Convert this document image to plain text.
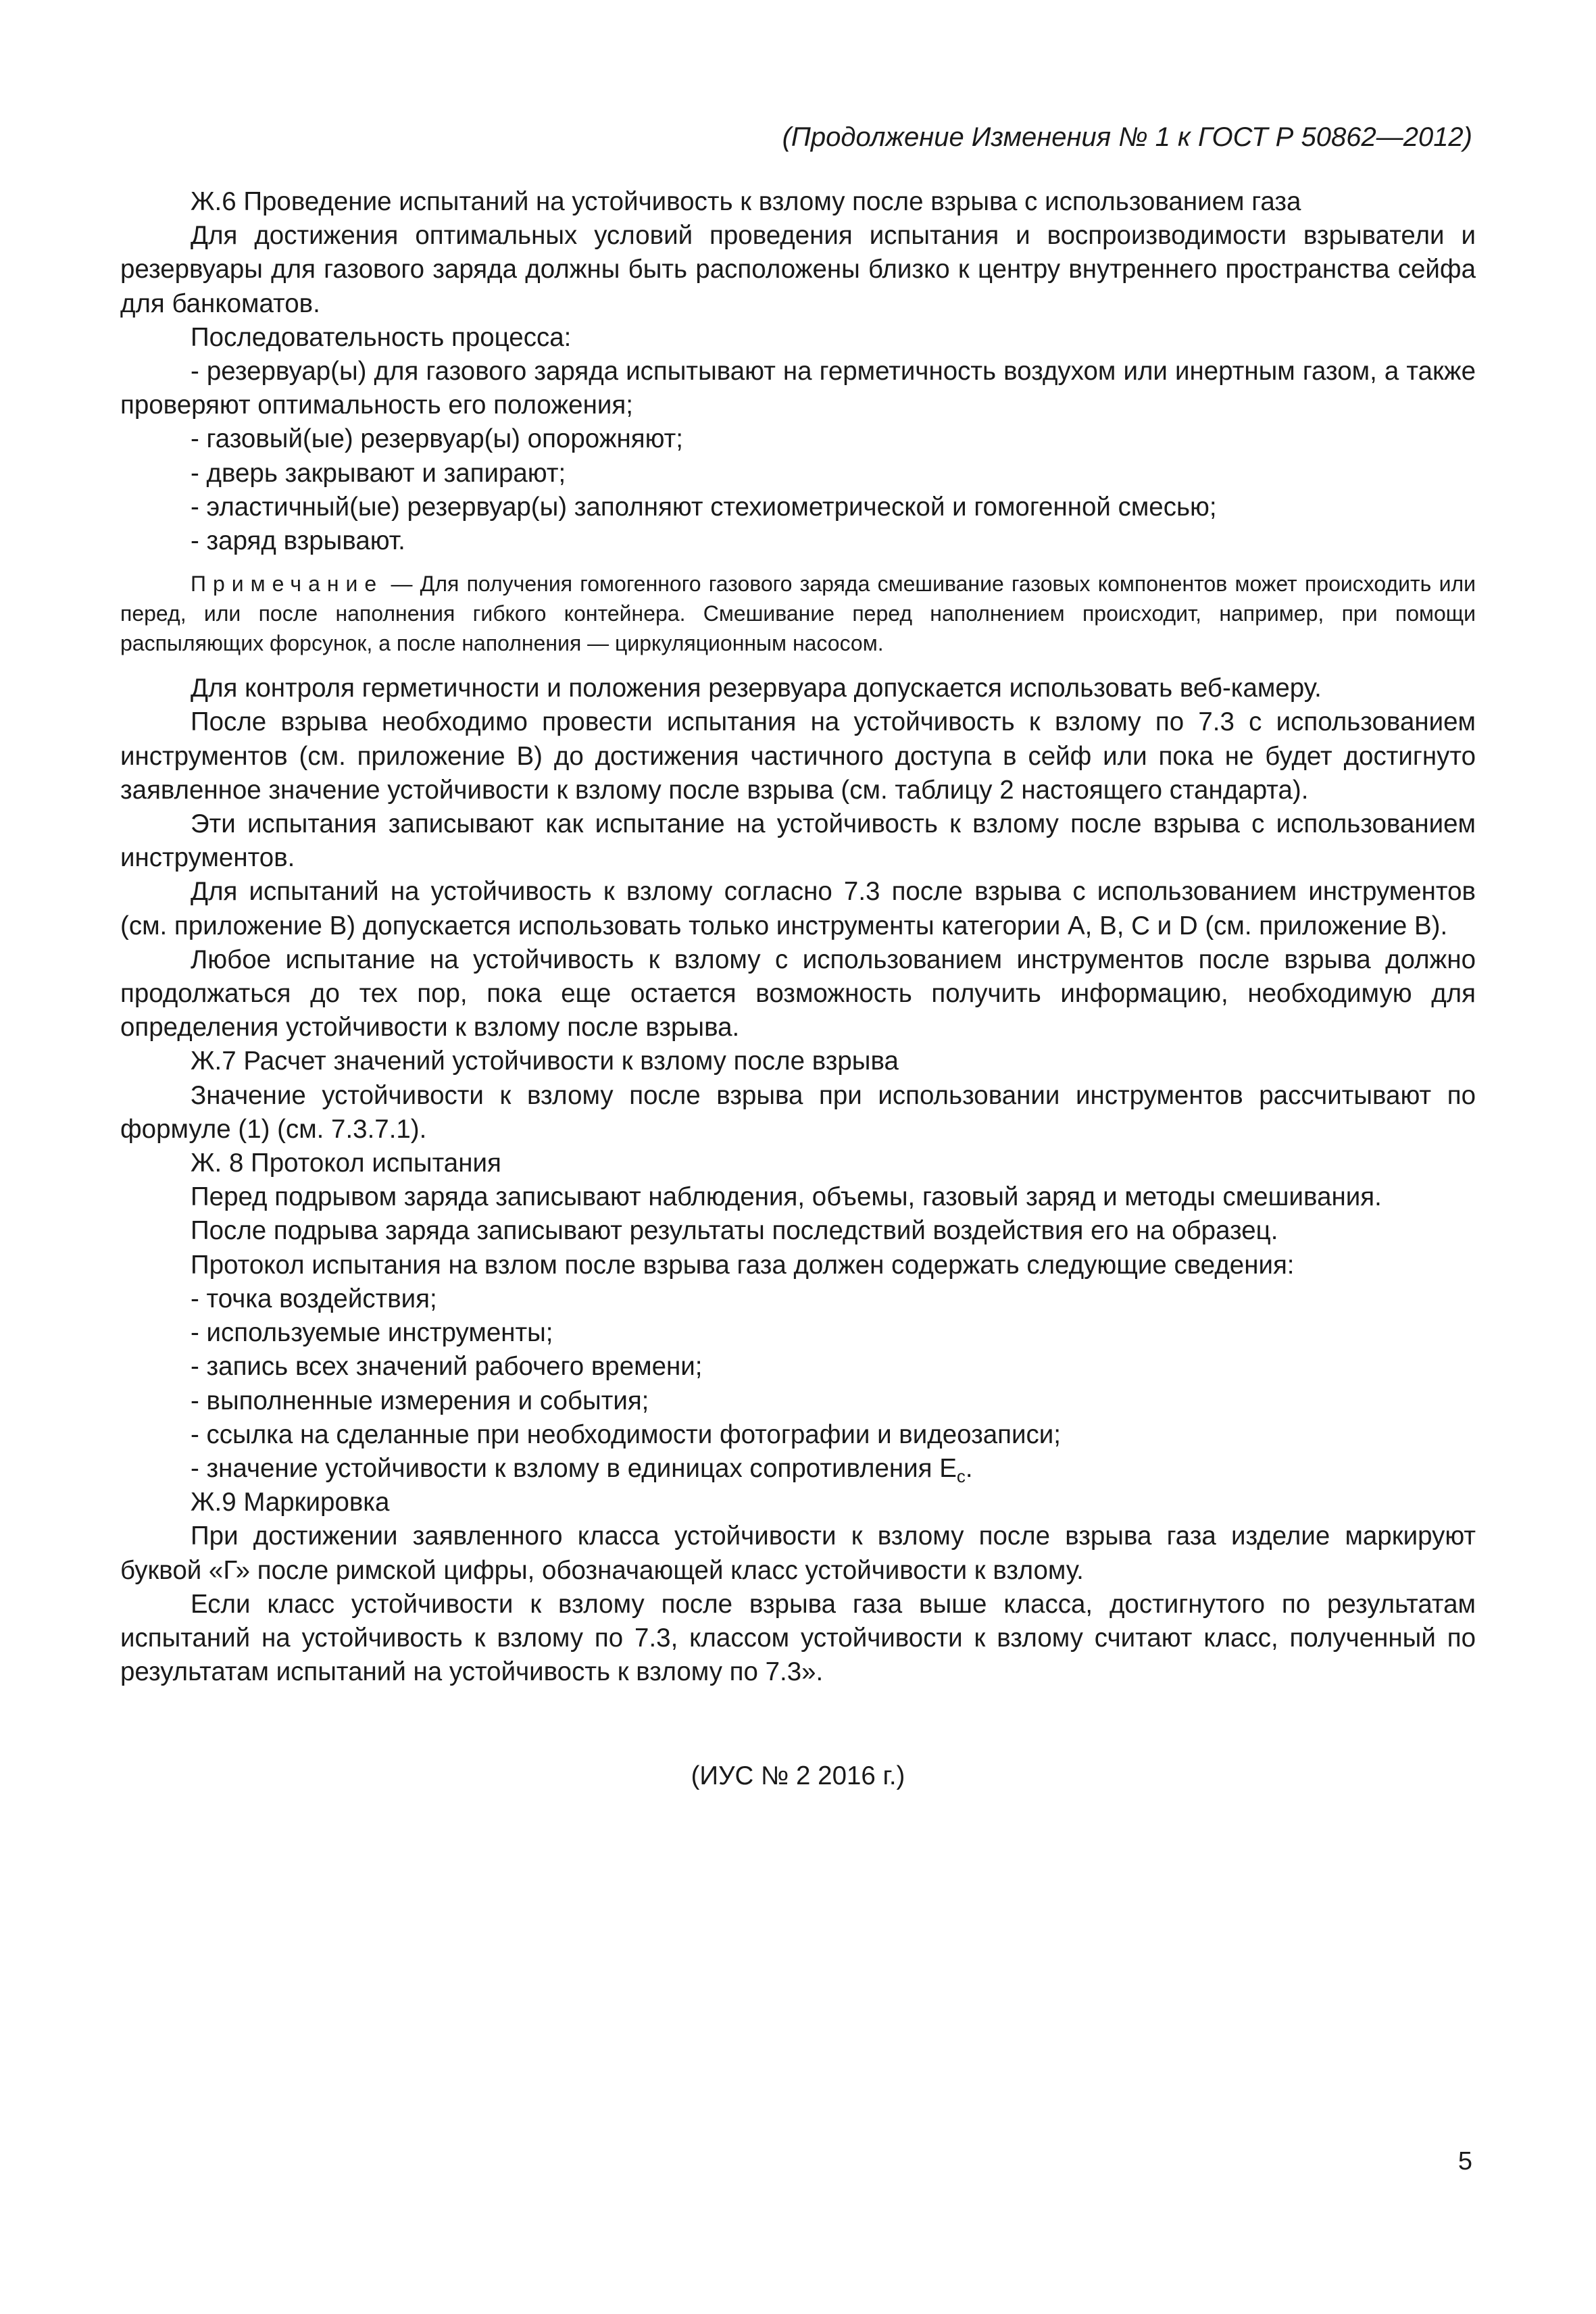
(Продолжение Изменения № 1 к ГОСТ Р 50862—2012)

Ж.6 Проведение испытаний на устойчивость к взлому после взрыва с использованием газа

Для достижения оптимальных условий проведения испытания и воспроизводимости взрыватели и резервуары для газового заряда должны быть расположены близко к центру внутреннего пространства сейфа для банкоматов.

Последовательность процесса:

- резервуар(ы) для газового заряда испытывают на герметичность воздухом или инертным газом, а также проверяют оптимальность его положения;

- газовый(ые) резервуар(ы) опорожняют;

- дверь закрывают и запирают;

- эластичный(ые) резервуар(ы) заполняют стехиометрической и гомогенной смесью;

- заряд взрывают.

Примечание — Для получения гомогенного газового заряда смешивание газовых компонентов может происходить или перед, или после наполнения гибкого контейнера. Смешивание перед наполнением происходит, например, при помощи распыляющих форсунок, а после наполнения — циркуляционным насосом.

Для контроля герметичности и положения резервуара допускается использовать веб-камеру.

После взрыва необходимо провести испытания на устойчивость к взлому по 7.3 с использованием инструментов (см. приложение В) до достижения частичного доступа в сейф или пока не будет достигнуто заявленное значение устойчивости к взлому после взрыва (см. таблицу 2 настоящего стандарта).

Эти испытания записывают как испытание на устойчивость к взлому после взрыва с использованием инструментов.

Для испытаний на устойчивость к взлому согласно 7.3 после взрыва с использованием инструментов (см. приложение В) допускается использовать только инструменты категории А, В, С и D (см. приложение В).

Любое испытание на устойчивость к взлому с использованием инструментов после взрыва должно продолжаться до тех пор, пока еще остается возможность получить информацию, необходимую для определения устойчивости к взлому после взрыва.

Ж.7 Расчет значений устойчивости к взлому после взрыва

Значение устойчивости к взлому после взрыва при использовании инструментов рассчитывают по формуле (1) (см. 7.3.7.1).

Ж. 8 Протокол испытания

Перед подрывом заряда записывают наблюдения, объемы, газовый заряд и методы смешивания.

После подрыва заряда записывают результаты последствий воздействия его на образец.

Протокол испытания на взлом после взрыва газа должен содержать следующие сведения:

- точка воздействия;

- используемые инструменты;

- запись всех значений рабочего времени;

- выполненные измерения и события;

- ссылка на сделанные при необходимости фотографии и видеозаписи;

- значение устойчивости к взлому в единицах сопротивления $E_c$.

Ж.9 Маркировка

При достижении заявленного класса устойчивости к взлому после взрыва газа изделие маркируют буквой «Г» после римской цифры, обозначающей класс устойчивости к взлому.

Если класс устойчивости к взлому после взрыва газа выше класса, достигнутого по результатам испытаний на устойчивость к взлому по 7.3, классом устойчивости к взлому считают класс, полученный по результатам испытаний на устойчивость к взлому по 7.3».

(ИУС № 2 2016 г.)
5
